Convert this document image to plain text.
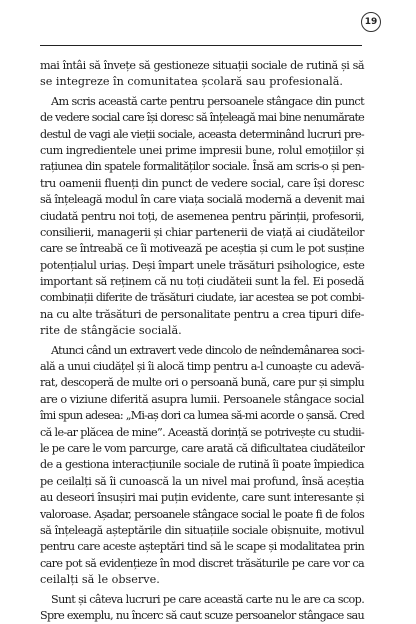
19
mai întâi să învețe să gestioneze situații sociale de rutină și să
se integreze în comunitatea școlară sau profesională.
Am scris această carte pentru persoanele stângace din punct
de vedere social care își doresc să înțeleagă mai bine nenumărate
destul de vagi ale vieții sociale, aceasta determinând lucruri pre-
cum ingredientele unei prime impresii bune, rolul emoțiilor și
rațiunea din spatele formalităților sociale. Însă am scris-o și pen-
tru oamenii fluenți din punct de vedere social, care își doresc
să înțeleagă modul în care viața socială modernă a devenit mai
ciudată pentru noi toți, de asemenea pentru părinții, profesorii,
consilierii, managerii și chiar partenerii de viață ai ciudăteilor
care se întreabă ce îi motivează pe aceștia și cum le pot susține
potențialul uriaș. Deși împart unele trăsături psihologice, este
important să reținem că nu toți ciudăteii sunt la fel. Ei posedă
combinații diferite de trăsături ciudate, iar acestea se pot combi-
na cu alte trăsături de personalitate pentru a crea tipuri dife-
rite de stângăcie socială.
Atunci când un extravert vede dincolo de neîndemânarea soci-
ală a unui ciudățel și îi alocă timp pentru a-l cunoaște cu adevă-
rat, descoperă de multe ori o persoană bună, care pur și simplu
are o viziune diferită asupra lumii. Persoanele stângace social
îmi spun adesea: „Mi-aș dori ca lumea să-mi acorde o șansă. Cred
că le-ar plăcea de mine”. Această dorință se potrivește cu studii-
le pe care le vom parcurge, care arată că dificultatea ciudăteilor
de a gestiona interacțiunile sociale de rutină îi poate împiedica
pe ceilalți să îi cunoască la un nivel mai profund, însă aceștia
au deseori însușiri mai puțin evidente, care sunt interesante și
valoroase. Așadar, persoanele stângace social le poate fi de folos
să înțeleagă așteptările din situațiile sociale obișnuite, motivul
pentru care aceste așteptări tind să le scape și modalitatea prin
care pot să evidențieze în mod discret trăsăturile pe care vor ca
ceilalți să le observe.
Sunt și câteva lucruri pe care această carte nu le are ca scop.
Spre exemplu, nu încerc să caut scuze persoanelor stângace sau
